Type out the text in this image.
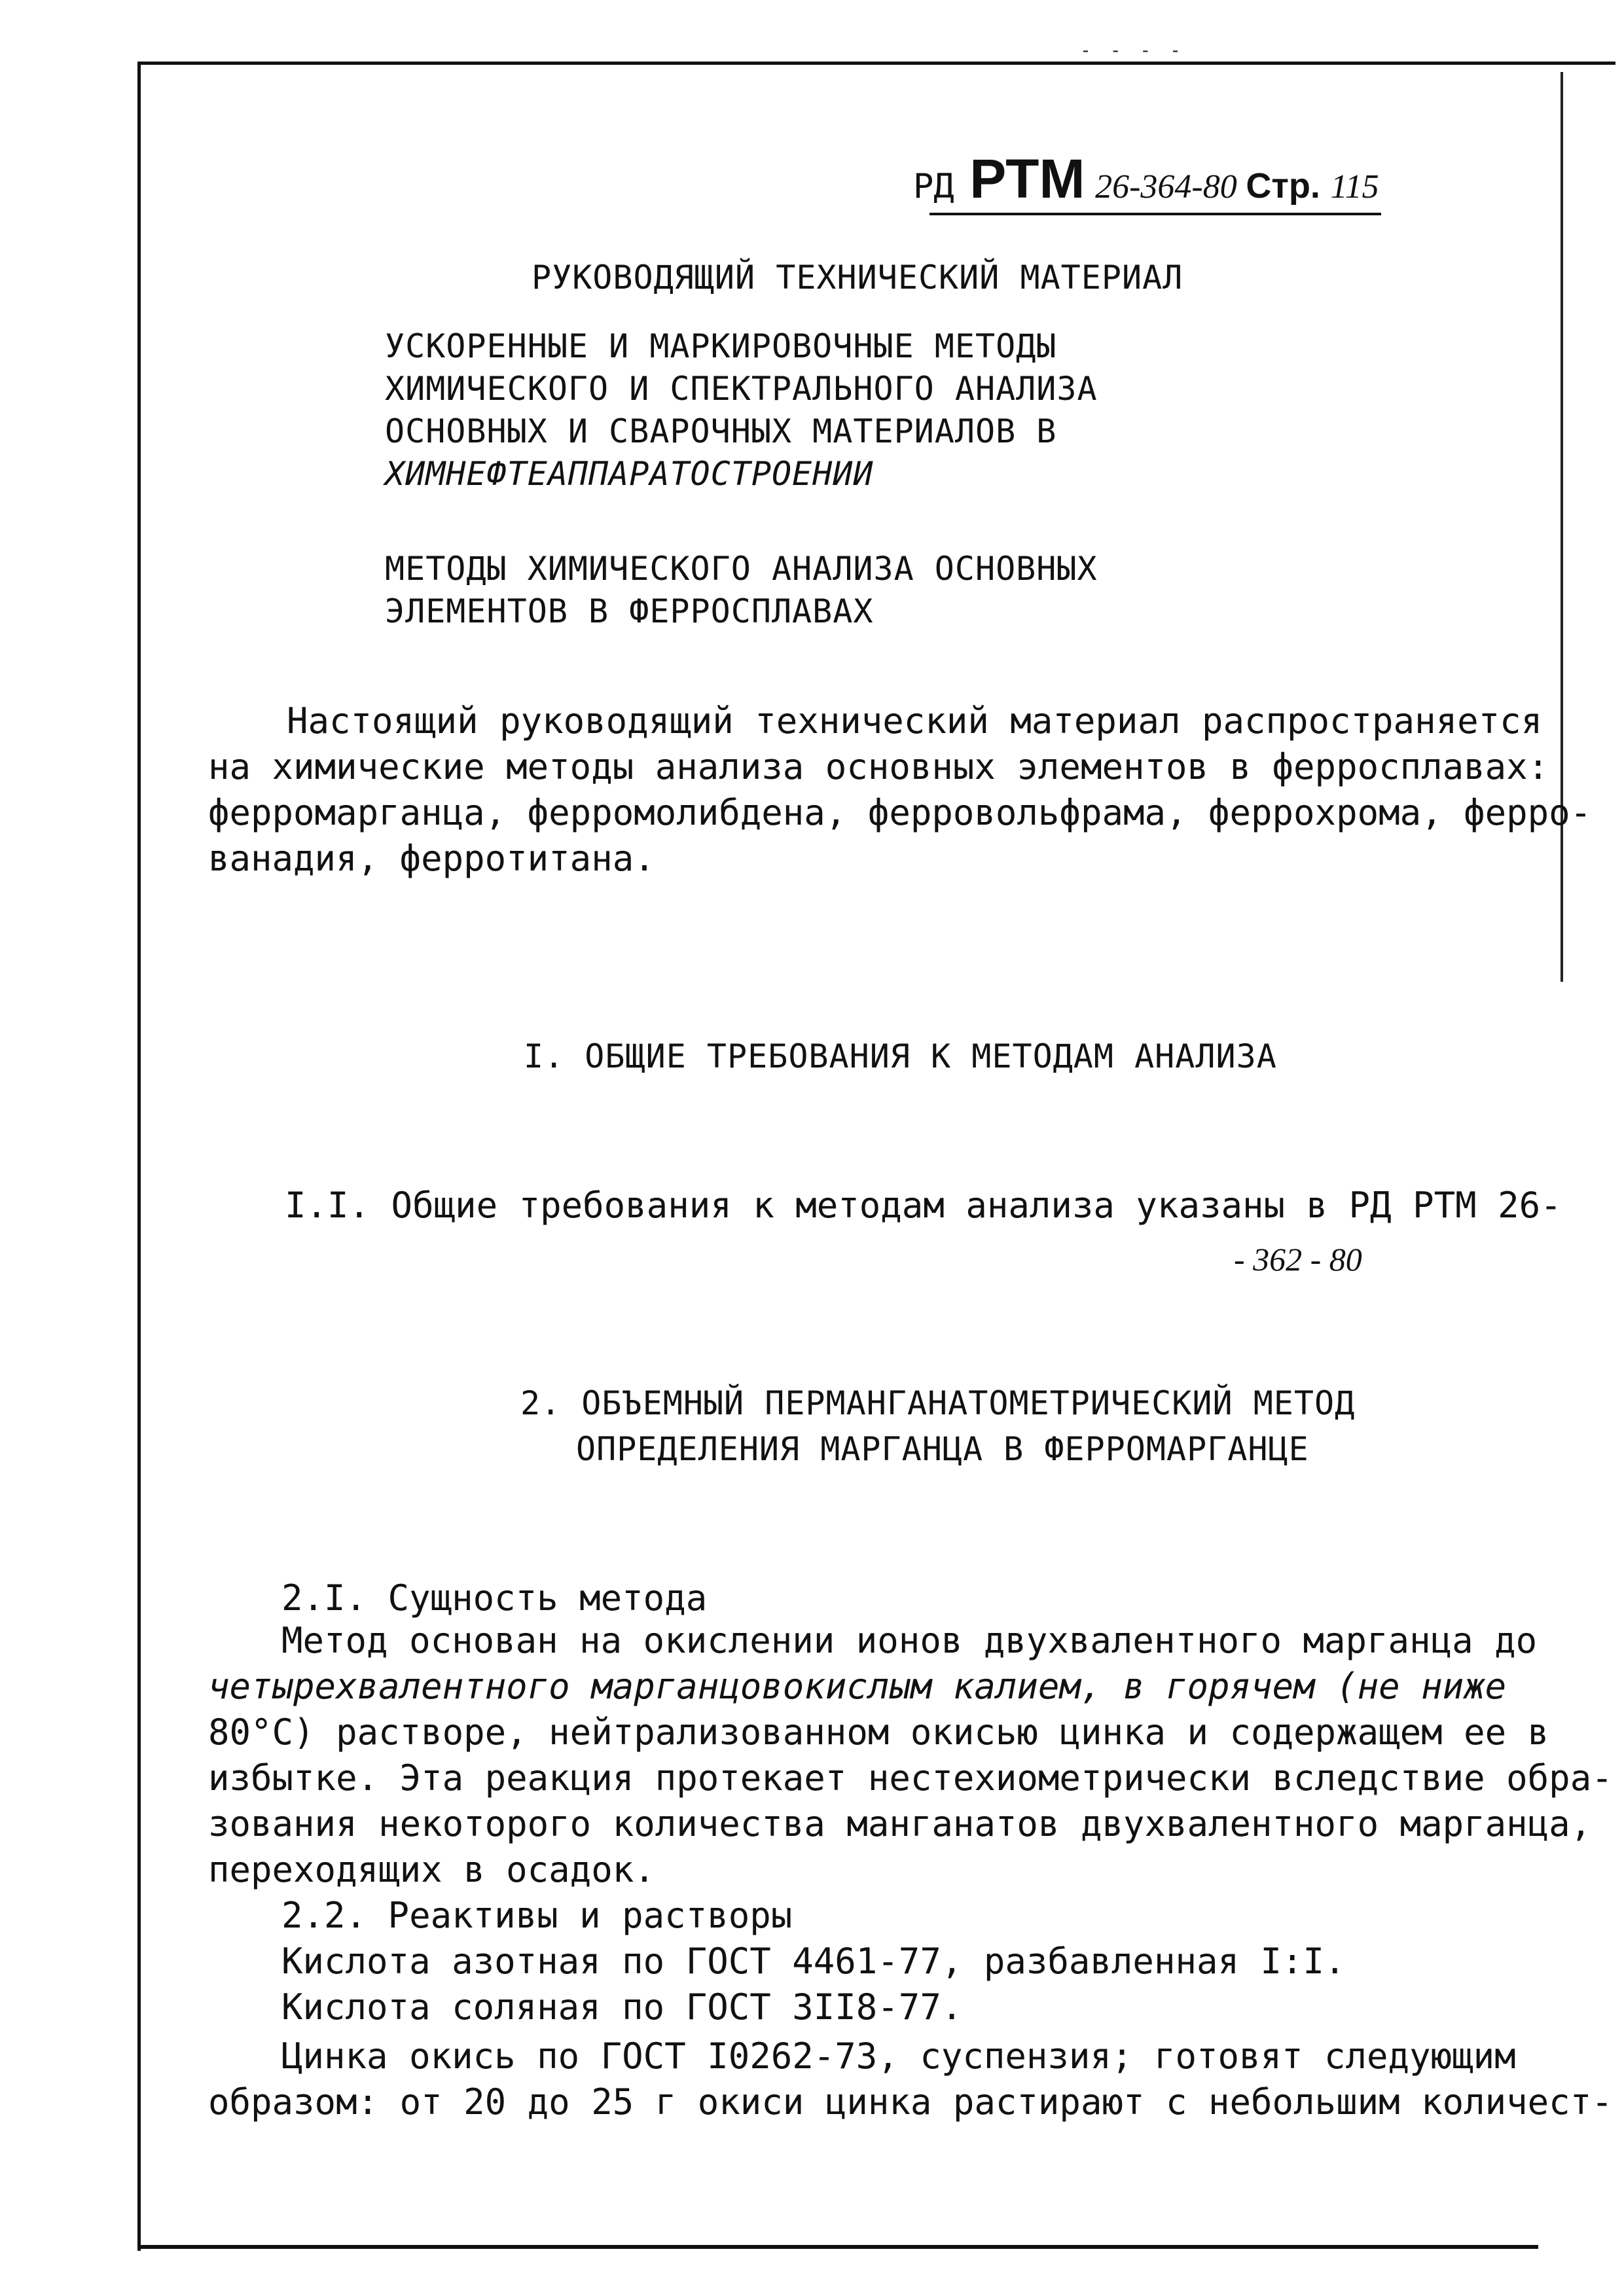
- - - -
РД РТМ 26-364-80 Стр. 115
РУКОВОДЯЩИЙ ТЕХНИЧЕСКИЙ МАТЕРИАЛ
УСКОРЕННЫЕ И МАРКИРОВОЧНЫЕ МЕТОДЫ
ХИМИЧЕСКОГО И СПЕКТРАЛЬНОГО АНАЛИЗА
ОСНОВНЫХ И СВАРОЧНЫХ МАТЕРИАЛОВ В
ХИМНЕФТЕАППАРАТОСТРОЕНИИ
МЕТОДЫ ХИМИЧЕСКОГО АНАЛИЗА ОСНОВНЫХ
ЭЛЕМЕНТОВ В ФЕРРОСПЛАВАХ
Настоящий руководящий технический материал распространяется
на химические методы анализа основных элементов в ферросплавах:
ферромарганца, ферромолибдена, ферровольфрама, феррохрома, ферро-
ванадия, ферротитана.
I. ОБЩИЕ ТРЕБОВАНИЯ К МЕТОДАМ АНАЛИЗА
I.I. Общие требования к методам анализа указаны в РД РТМ 26-
- 362 - 80
2. ОБЪЕМНЫЙ ПЕРМАНГАНАТОМЕТРИЧЕСКИЙ МЕТОД
ОПРЕДЕЛЕНИЯ МАРГАНЦА В ФЕРРОМАРГАНЦЕ
2.I. Сущность метода
Метод основан на окислении ионов двухвалентного марганца до
четырехвалентного марганцовокислым калием, в горячем (не ниже
80°С) растворе, нейтрализованном окисью цинка и содержащем ее в
избытке. Эта реакция протекает нестехиометрически вследствие обра-
зования некоторого количества манганатов двухвалентного марганца,
переходящих в осадок.
2.2. Реактивы и растворы
Кислота азотная по ГОСТ 4461-77, разбавленная I:I.
Кислота соляная по ГОСТ 3II8-77.
Цинка окись по ГОСТ I0262-73, суспензия; готовят следующим
образом: от 20 до 25 г окиси цинка растирают с небольшим количест-
